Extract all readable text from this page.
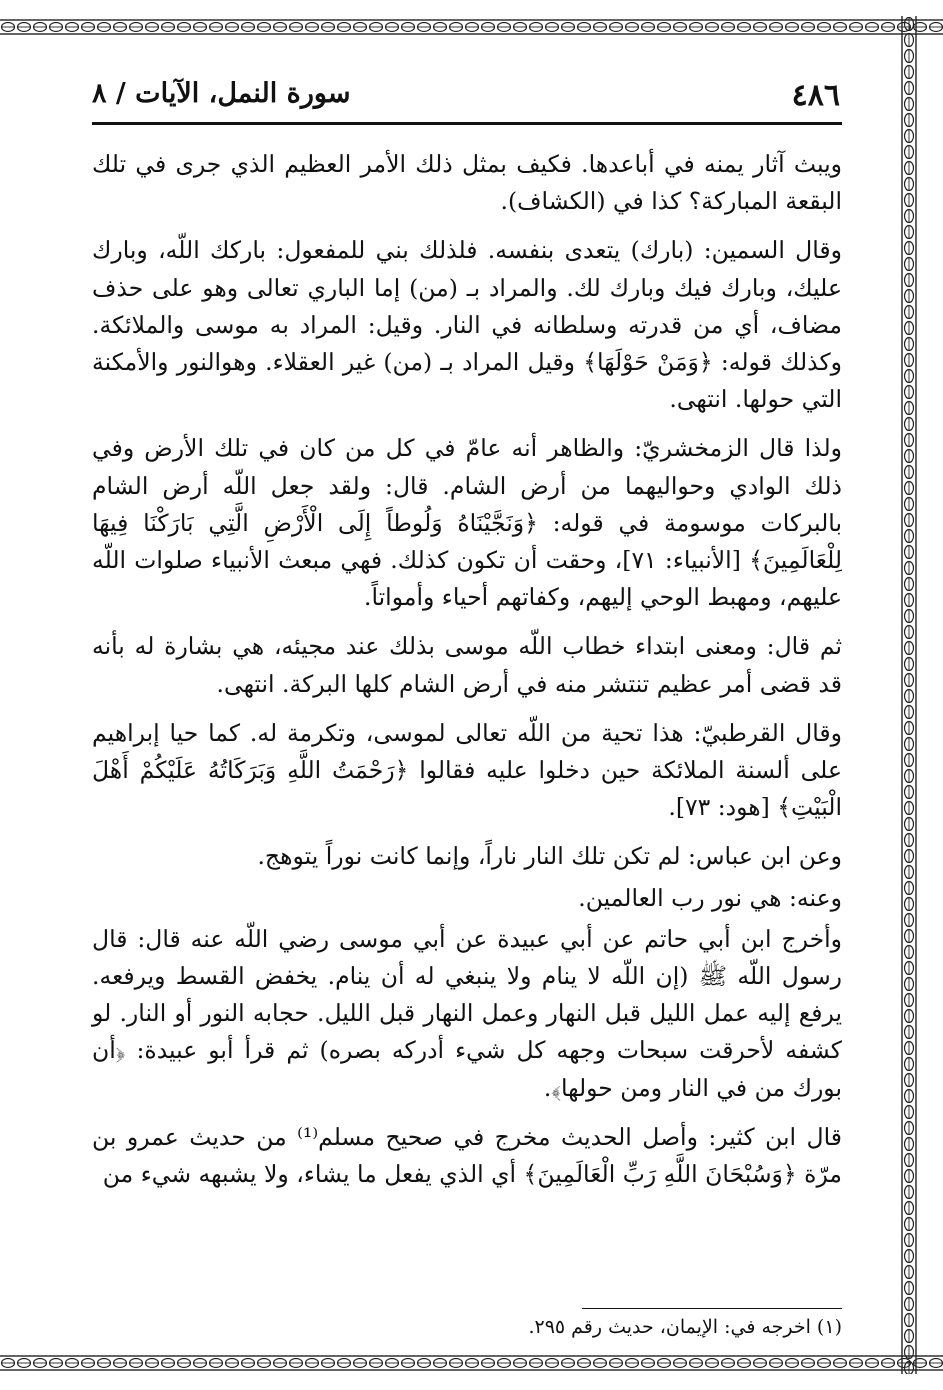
٤٨٦
سورة النمل، الآيات / ٨

ويبث آثار يمنه في أباعدها. فكيف بمثل ذلك الأمر العظيم الذي جرى في تلك البقعة المباركة؟ كذا في (الكشاف).

وقال السمين: (بارك) يتعدى بنفسه. فلذلك بني للمفعول: باركك اللّه، وبارك عليك، وبارك فيك وبارك لك. والمراد بـ (من) إما الباري تعالى وهو على حذف مضاف، أي من قدرته وسلطانه في النار. وقيل: المراد به موسى والملائكة. وكذلك قوله: ﴿وَمَنْ حَوْلَهَا﴾ وقيل المراد بـ (من) غير العقلاء. وهوالنور والأمكنة التي حولها. انتهى.

ولذا قال الزمخشريّ: والظاهر أنه عامّ في كل من كان في تلك الأرض وفي ذلك الوادي وحواليهما من أرض الشام. قال: ولقد جعل اللّه أرض الشام بالبركات موسومة في قوله: ﴿وَنَجَّيْنَاهُ وَلُوطاً إِلَى الْأَرْضِ الَّتِي بَارَكْنَا فِيهَا لِلْعَالَمِينَ﴾ [الأنبياء: ٧١]، وحقت أن تكون كذلك. فهي مبعث الأنبياء صلوات اللّه عليهم، ومهبط الوحي إليهم، وكفاتهم أحياء وأمواتاً.

ثم قال: ومعنى ابتداء خطاب اللّه موسى بذلك عند مجيئه، هي بشارة له بأنه قد قضى أمر عظيم تنتشر منه في أرض الشام كلها البركة. انتهى.

وقال القرطبيّ: هذا تحية من اللّه تعالى لموسى، وتكرمة له. كما حيا إبراهيم على ألسنة الملائكة حين دخلوا عليه فقالوا ﴿رَحْمَتُ اللَّهِ وَبَرَكَاتُهُ عَلَيْكُمْ أَهْلَ الْبَيْتِ﴾ [هود: ٧٣].

وعن ابن عباس: لم تكن تلك النار ناراً، وإنما كانت نوراً يتوهج.

وعنه: هي نور رب العالمين.

وأخرج ابن أبي حاتم عن أبي عبيدة عن أبي موسى رضي اللّه عنه قال: قال رسول اللّه ﷺ (إن اللّه لا ينام ولا ينبغي له أن ينام. يخفض القسط ويرفعه. يرفع إليه عمل الليل قبل النهار وعمل النهار قبل الليل. حجابه النور أو النار. لو كشفه لأحرقت سبحات وجهه كل شيء أدركه بصره) ثم قرأ أبو عبيدة: ﴿أن بورك من في النار ومن حولها﴾.

قال ابن كثير: وأصل الحديث مخرج في صحيح مسلم⁽¹⁾ من حديث عمرو بن مرّة ﴿وَسُبْحَانَ اللَّهِ رَبِّ الْعَالَمِينَ﴾ أي الذي يفعل ما يشاء، ولا يشبهه شيء من

(١) اخرجه في: الإيمان، حديث رقم ٢٩٥.
